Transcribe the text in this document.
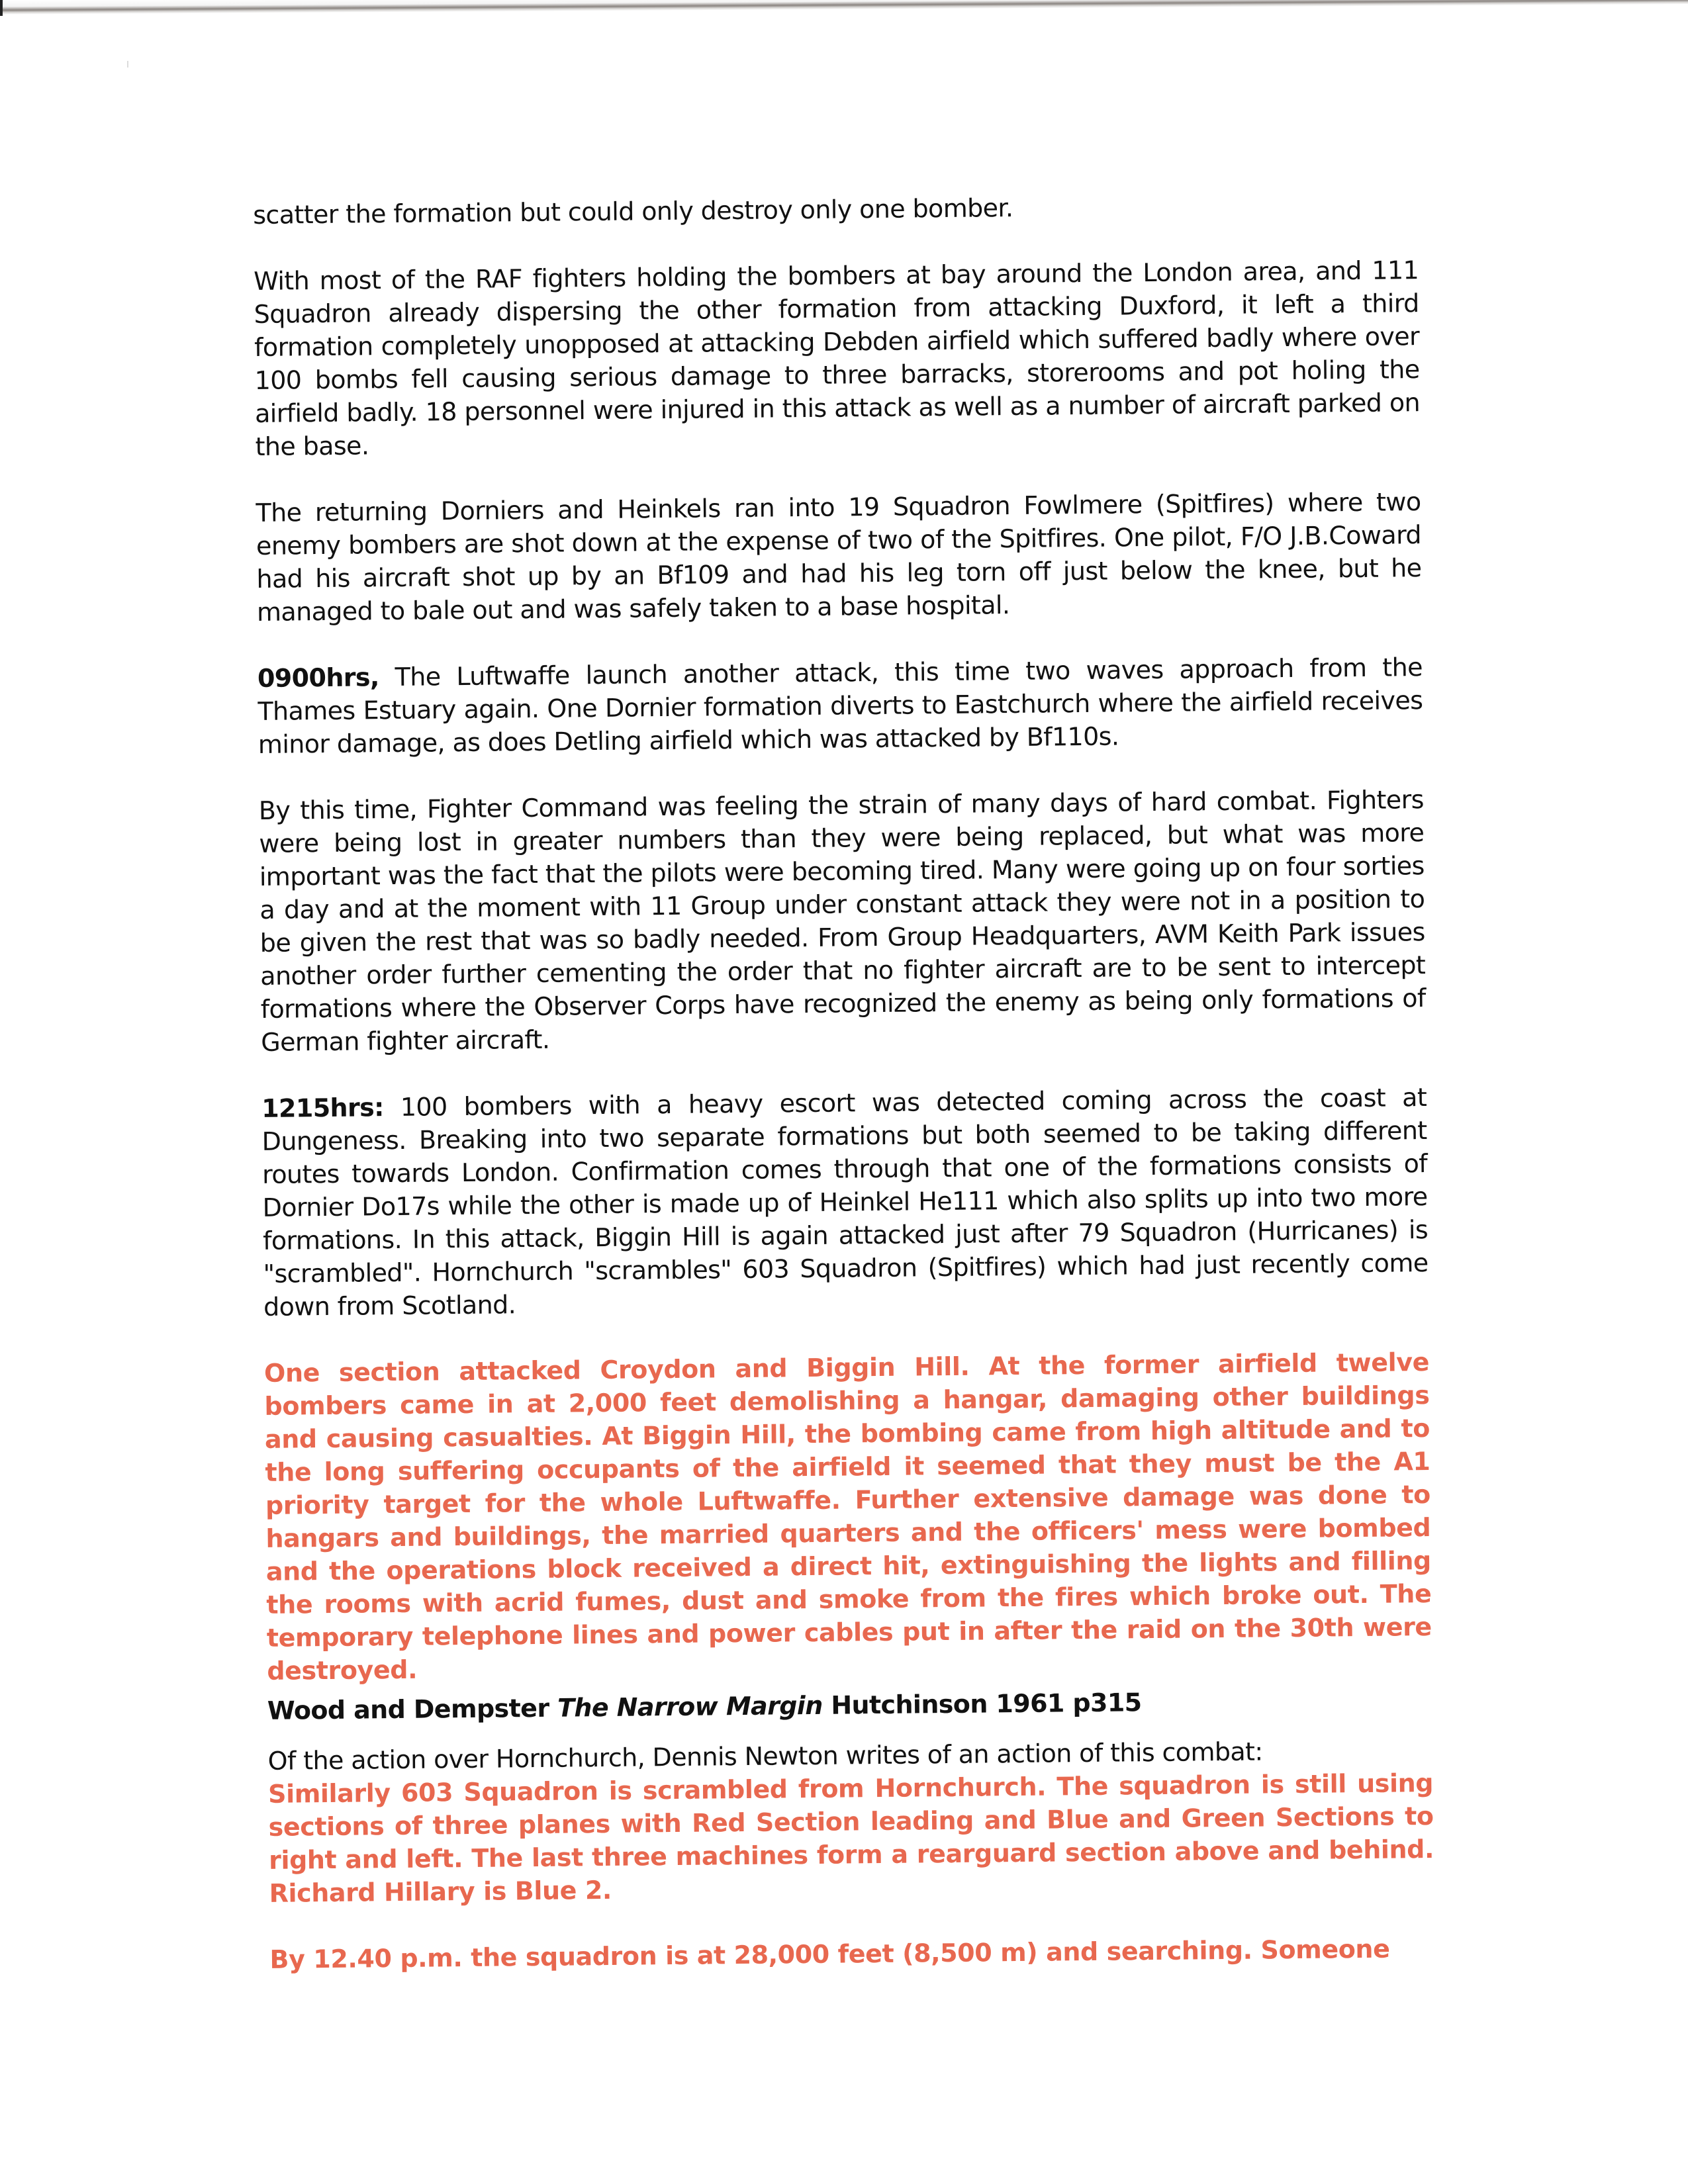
scatter the formation but could only destroy only one bomber.

With most of the RAF fighters holding the bombers at bay around the London area, and 111 Squadron already dispersing the other formation from attacking Duxford, it left a third formation completely unopposed at attacking Debden airfield which suffered badly where over 100 bombs fell causing serious damage to three barracks, storerooms and pot holing the airfield badly. 18 personnel were injured in this attack as well as a number of aircraft parked on the base.

The returning Dorniers and Heinkels ran into 19 Squadron Fowlmere (Spitfires) where two enemy bombers are shot down at the expense of two of the Spitfires. One pilot, F/O J.B.Coward had his aircraft shot up by an Bf109 and had his leg torn off just below the knee, but he managed to bale out and was safely taken to a base hospital.

0900hrs, The Luftwaffe launch another attack, this time two waves approach from the Thames Estuary again. One Dornier formation diverts to Eastchurch where the airfield receives minor damage, as does Detling airfield which was attacked by Bf110s.

By this time, Fighter Command was feeling the strain of many days of hard combat. Fighters were being lost in greater numbers than they were being replaced, but what was more important was the fact that the pilots were becoming tired. Many were going up on four sorties a day and at the moment with 11 Group under constant attack they were not in a position to be given the rest that was so badly needed. From Group Headquarters, AVM Keith Park issues another order further cementing the order that no fighter aircraft are to be sent to intercept formations where the Observer Corps have recognized the enemy as being only formations of German fighter aircraft.

1215hrs: 100 bombers with a heavy escort was detected coming across the coast at Dungeness. Breaking into two separate formations but both seemed to be taking different routes towards London. Confirmation comes through that one of the formations consists of Dornier Do17s while the other is made up of Heinkel He111 which also splits up into two more formations. In this attack, Biggin Hill is again attacked just after 79 Squadron (Hurricanes) is "scrambled". Hornchurch "scrambles" 603 Squadron (Spitfires) which had just recently come down from Scotland.

One section attacked Croydon and Biggin Hill. At the former airfield twelve bombers came in at 2,000 feet demolishing a hangar, damaging other buildings and causing casualties. At Biggin Hill, the bombing came from high altitude and to the long suffering occupants of the airfield it seemed that they must be the A1 priority target for the whole Luftwaffe. Further extensive damage was done to hangars and buildings, the married quarters and the officers' mess were bombed and the operations block received a direct hit, extinguishing the lights and filling the rooms with acrid fumes, dust and smoke from the fires which broke out. The temporary telephone lines and power cables put in after the raid on the 30th were destroyed.

Wood and Dempster The Narrow Margin Hutchinson 1961 p315

Of the action over Hornchurch, Dennis Newton writes of an action of this combat:

Similarly 603 Squadron is scrambled from Hornchurch. The squadron is still using sections of three planes with Red Section leading and Blue and Green Sections to right and left. The last three machines form a rearguard section above and behind. Richard Hillary is Blue 2.

By 12.40 p.m. the squadron is at 28,000 feet (8,500 m) and searching. Someone
